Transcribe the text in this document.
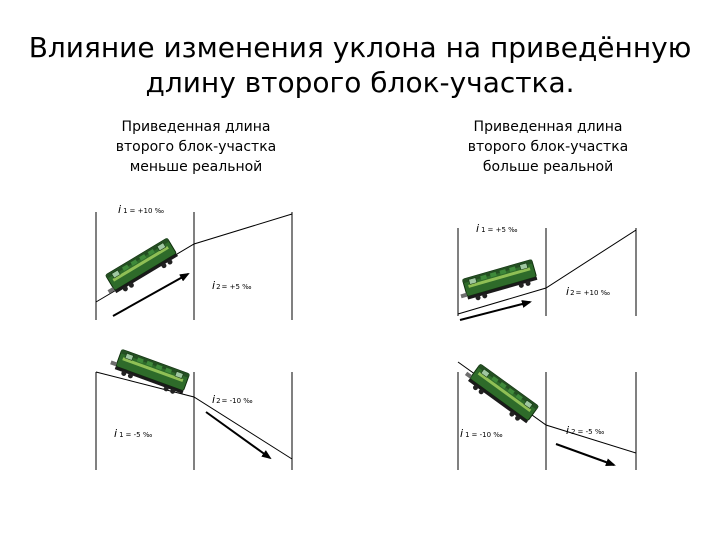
Влияние изменения уклона на приведённую
длину второго блок-участка.
Приведенная длина
второго блок-участка
меньше реальной
Приведенная длина
второго блок-участка
больше реальной
i 1 = +10 ‰
i2= +5 ‰
i 1 = -5 ‰
i2= -10 ‰
i 1 = +5 ‰
i2= +10 ‰
i 1 = -10 ‰	i 2 = -5 ‰
